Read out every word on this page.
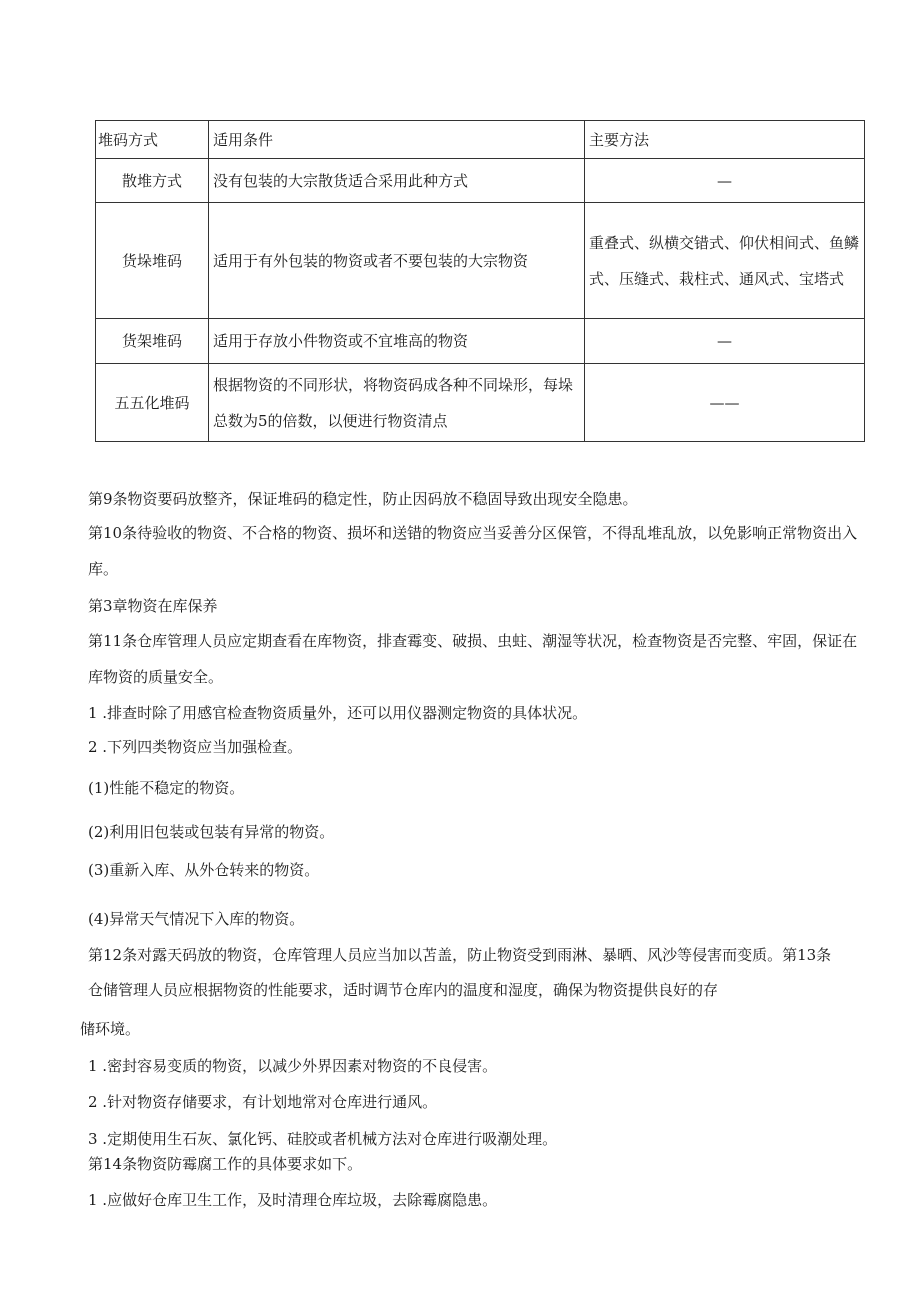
堆码方式	适用条件	主要方法
散堆方式	没有包装的大宗散货适合采用此种方式	—
货垛堆码	适用于有外包装的物资或者不要包装的大宗物资	重叠式、纵横交错式、仰伏相间式、鱼鳞式、压缝式、栽柱式、通风式、宝塔式
货架堆码	适用于存放小件物资或不宜堆高的物资	—
五五化堆码	根据物资的不同形状，将物资码成各种不同垛形，每垛总数为5的倍数，以便进行物资清点	——
第9条物资要码放整齐，保证堆码的稳定性，防止因码放不稳固导致出现安全隐患。
第10条待验收的物资、不合格的物资、损坏和送错的物资应当妥善分区保管，不得乱堆乱放，以免影响正常物资出入库。
第3章物资在库保养
第11条仓库管理人员应定期查看在库物资，排查霉变、破损、虫蛀、潮湿等状况，检查物资是否完整、牢固，保证在库物资的质量安全。
1 .排查时除了用感官检查物资质量外，还可以用仪器测定物资的具体状况。
2 .下列四类物资应当加强检查。
(1)性能不稳定的物资。
(2)利用旧包装或包装有异常的物资。
(3)重新入库、从外仓转来的物资。
(4)异常天气情况下入库的物资。
第12条对露天码放的物资，仓库管理人员应当加以苫盖，防止物资受到雨淋、暴晒、风沙等侵害而变质。第13条
仓储管理人员应根据物资的性能要求，适时调节仓库内的温度和湿度，确保为物资提供良好的存
储环境。
1 .密封容易变质的物资，以减少外界因素对物资的不良侵害。
2 .针对物资存储要求，有计划地常对仓库进行通风。
3 .定期使用生石灰、氯化钙、硅胶或者机械方法对仓库进行吸潮处理。
第14条物资防霉腐工作的具体要求如下。
1 .应做好仓库卫生工作，及时清理仓库垃圾，去除霉腐隐患。
